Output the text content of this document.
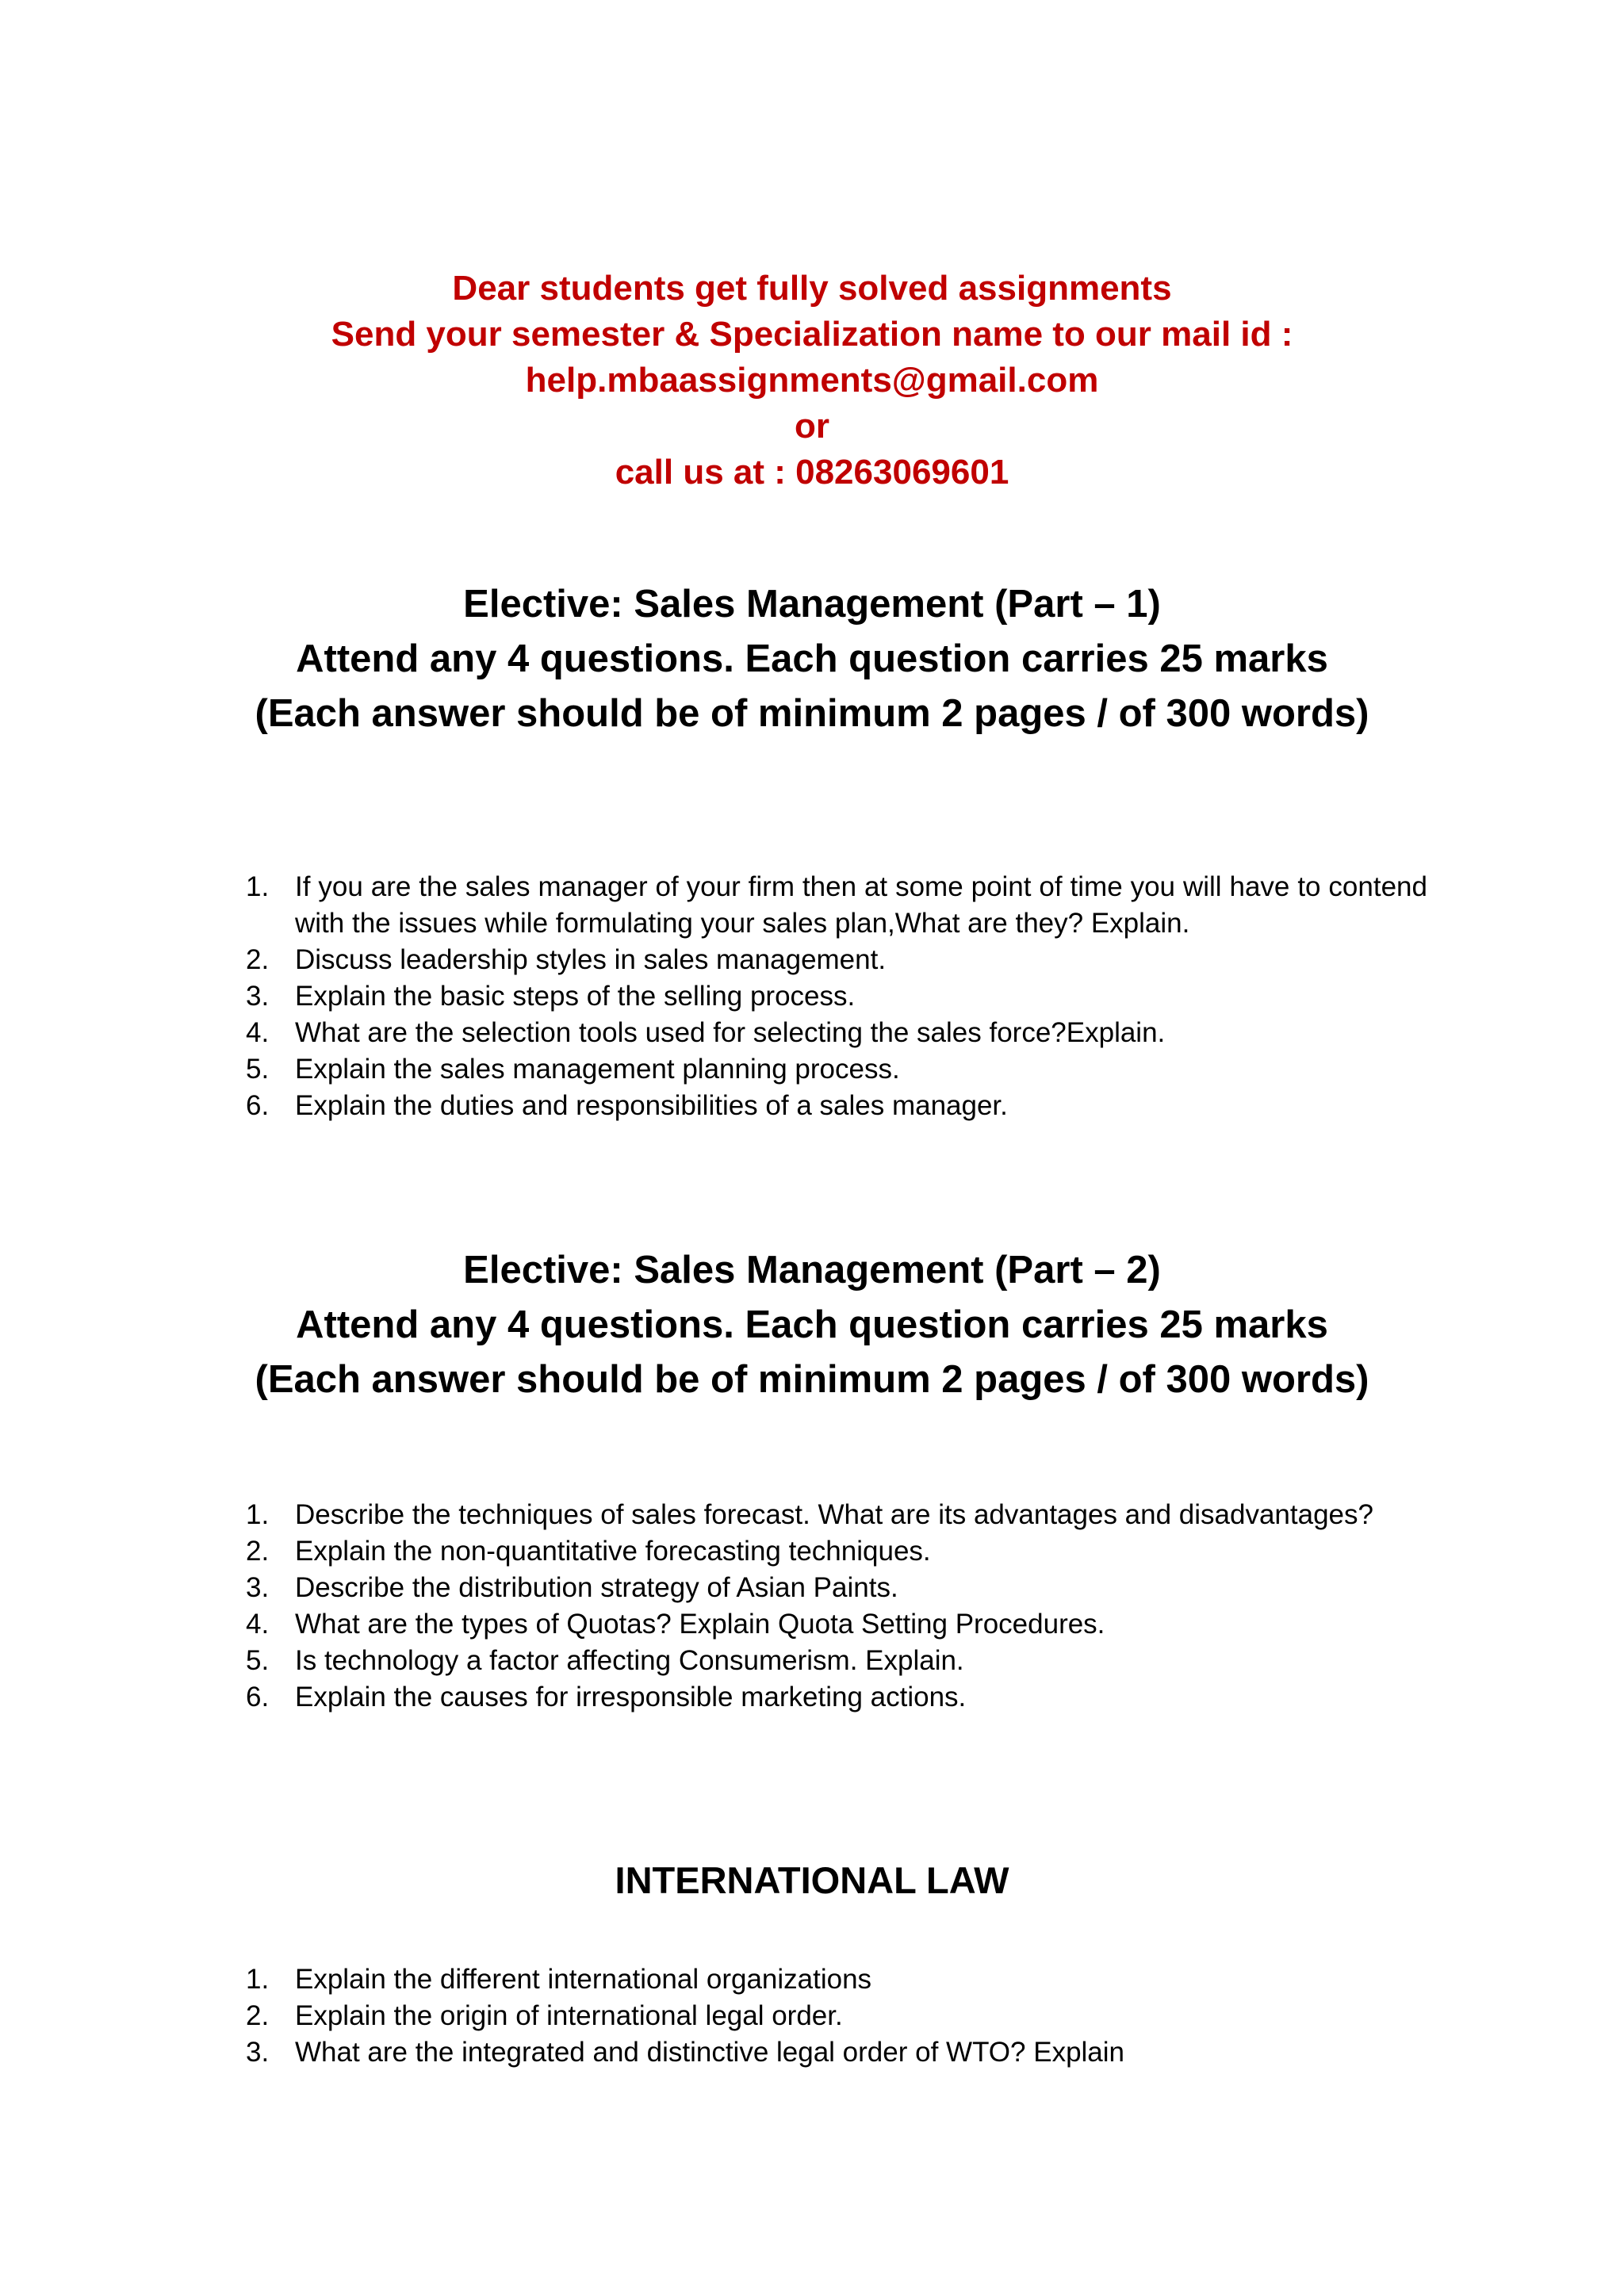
Dear students get fully solved assignments
Send your semester & Specialization name to our mail id :
help.mbaassignments@gmail.com
or
call us at : 08263069601
Elective: Sales Management (Part – 1)
Attend any 4 questions. Each question carries 25 marks
(Each answer should be of minimum 2 pages / of 300 words)
1. If you are the sales manager of your firm then at some point of time you will have to contend with the issues while formulating your sales plan,What are they? Explain.
2. Discuss leadership styles in sales management.
3. Explain the basic steps of the selling process.
4. What are the selection tools used for selecting the sales force?Explain.
5. Explain the sales management planning process.
6. Explain the duties and responsibilities of a sales manager.
Elective: Sales Management (Part – 2)
Attend any 4 questions. Each question carries 25 marks
(Each answer should be of minimum 2 pages / of 300 words)
1. Describe the techniques of sales forecast. What are its advantages and disadvantages?
2. Explain the non-quantitative forecasting techniques.
3. Describe the distribution strategy of Asian Paints.
4. What are the types of Quotas? Explain Quota Setting Procedures.
5. Is technology a factor affecting Consumerism. Explain.
6. Explain the causes for irresponsible marketing actions.
INTERNATIONAL LAW
1. Explain the different international organizations
2. Explain the origin of international legal order.
3. What are the integrated and distinctive legal order of WTO? Explain
